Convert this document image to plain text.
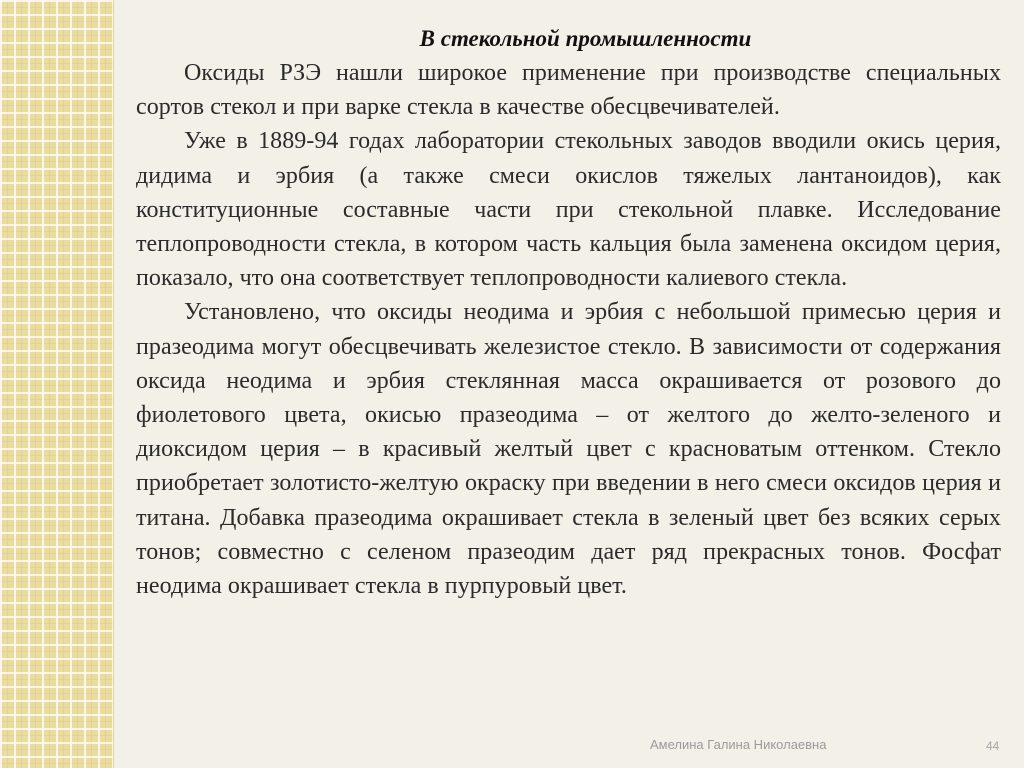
В стекольной промышленности

Оксиды РЗЭ нашли широкое применение при производстве специальных сортов стекол и при варке стекла в качестве обесцвечивателей.

Уже в 1889-94 годах лаборатории стекольных заводов вводили окись церия, дидима и эрбия (а также смеси окислов тяжелых лантаноидов), как конституционные составные части при стекольной плавке. Исследование теплопроводности стекла, в котором часть кальция была заменена оксидом церия, показало, что она соответствует теплопроводности калиевого стекла.

Установлено, что оксиды неодима и эрбия с небольшой примесью церия и празеодима могут обесцвечивать железистое стекло. В зависимости от содержания оксида неодима и эрбия стеклянная масса окрашивается от розового до фиолетового цвета, окисью празеодима – от желтого до желто-зеленого и диоксидом церия – в красивый желтый цвет с красноватым оттенком. Стекло приобретает золотисто-желтую окраску при введении в него смеси оксидов церия и титана. Добавка празеодима окрашивает стекла в зеленый цвет без всяких серых тонов; совместно с селеном празеодим дает ряд прекрасных тонов. Фосфат неодима окрашивает стекла в пурпуровый цвет.

Амелина Галина Николаевна	44
